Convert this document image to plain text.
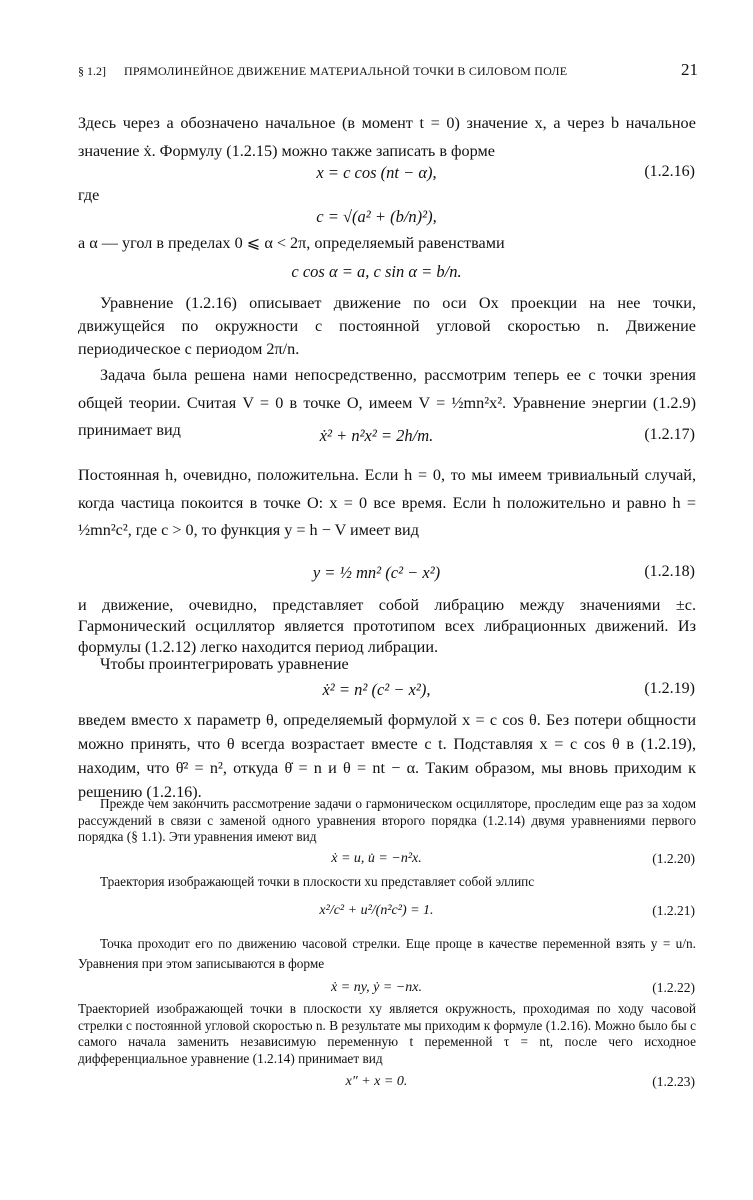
§ 1.2] ПРЯМОЛИНЕЙНОЕ ДВИЖЕНИЕ МАТЕРИАЛЬНОЙ ТОЧКИ В СИЛОВОМ ПОЛЕ	21
Здесь через a обозначено начальное (в момент t = 0) значение x, а через b начальное значение ẋ. Формулу (1.2.15) можно также записать в форме
x = c cos (nt − α),	(1.2.16)
где
c = √(a² + (b/n)²),
а α — угол в пределах 0 ⩽ α < 2π, определяемый равенствами
c cos α = a, c sin α = b/n.
Уравнение (1.2.16) описывает движение по оси Ox проекции на нее точки, движущейся по окружности с постоянной угловой скоростью n. Движение периодическое с периодом 2π/n.
Задача была решена нами непосредственно, рассмотрим теперь ее с точки зрения общей теории. Считая V = 0 в точке O, имеем V = ½mn²x². Уравнение энергии (1.2.9) принимает вид	ẋ² + n²x² = 2h/m.	(1.2.17)
Постоянная h, очевидно, положительна. Если h = 0, то мы имеем тривиальный случай, когда частица покоится в точке O: x = 0 все время. Если h положительно и равно h = ½mn²c², где c > 0, то функция y = h − V имеет вид
y = ½ mn² (c² − x²)	(1.2.18)
и движение, очевидно, представляет собой либрацию между значениями ±c. Гармонический осциллятор является прототипом всех либрационных движений. Из формулы (1.2.12) легко находится период либрации.
Чтобы проинтегрировать уравнение
ẋ² = n² (c² − x²),	(1.2.19)
введем вместо x параметр θ, определяемый формулой x = c cos θ. Без потери общности можно принять, что θ всегда возрастает вместе с t. Подставляя x = c cos θ в (1.2.19), находим, что θ̇² = n², откуда θ̇ = n и θ = nt − α. Таким образом, мы вновь приходим к решению (1.2.16).
Прежде чем закончить рассмотрение задачи о гармоническом осцилляторе, проследим еще раз за ходом рассуждений в связи с заменой одного уравнения второго порядка (1.2.14) двумя уравнениями первого порядка (§ 1.1). Эти уравнения имеют вид
ẋ = u, u̇ = −n²x.	(1.2.20)
Траектория изображающей точки в плоскости xu представляет собой эллипс
x²/c² + u²/(n²c²) = 1.	(1.2.21)
Точка проходит его по движению часовой стрелки. Еще проще в качестве переменной взять y = u/n. Уравнения при этом записываются в форме
ẋ = ny, ẏ = −nx.	(1.2.22)
Траекторией изображающей точки в плоскости xy является окружность, проходимая по ходу часовой стрелки с постоянной угловой скоростью n. В результате мы приходим к формуле (1.2.16). Можно было бы с самого начала заменить независимую переменную t переменной τ = nt, после чего исходное дифференциальное уравнение (1.2.14) принимает вид
x″ + x = 0.	(1.2.23)
